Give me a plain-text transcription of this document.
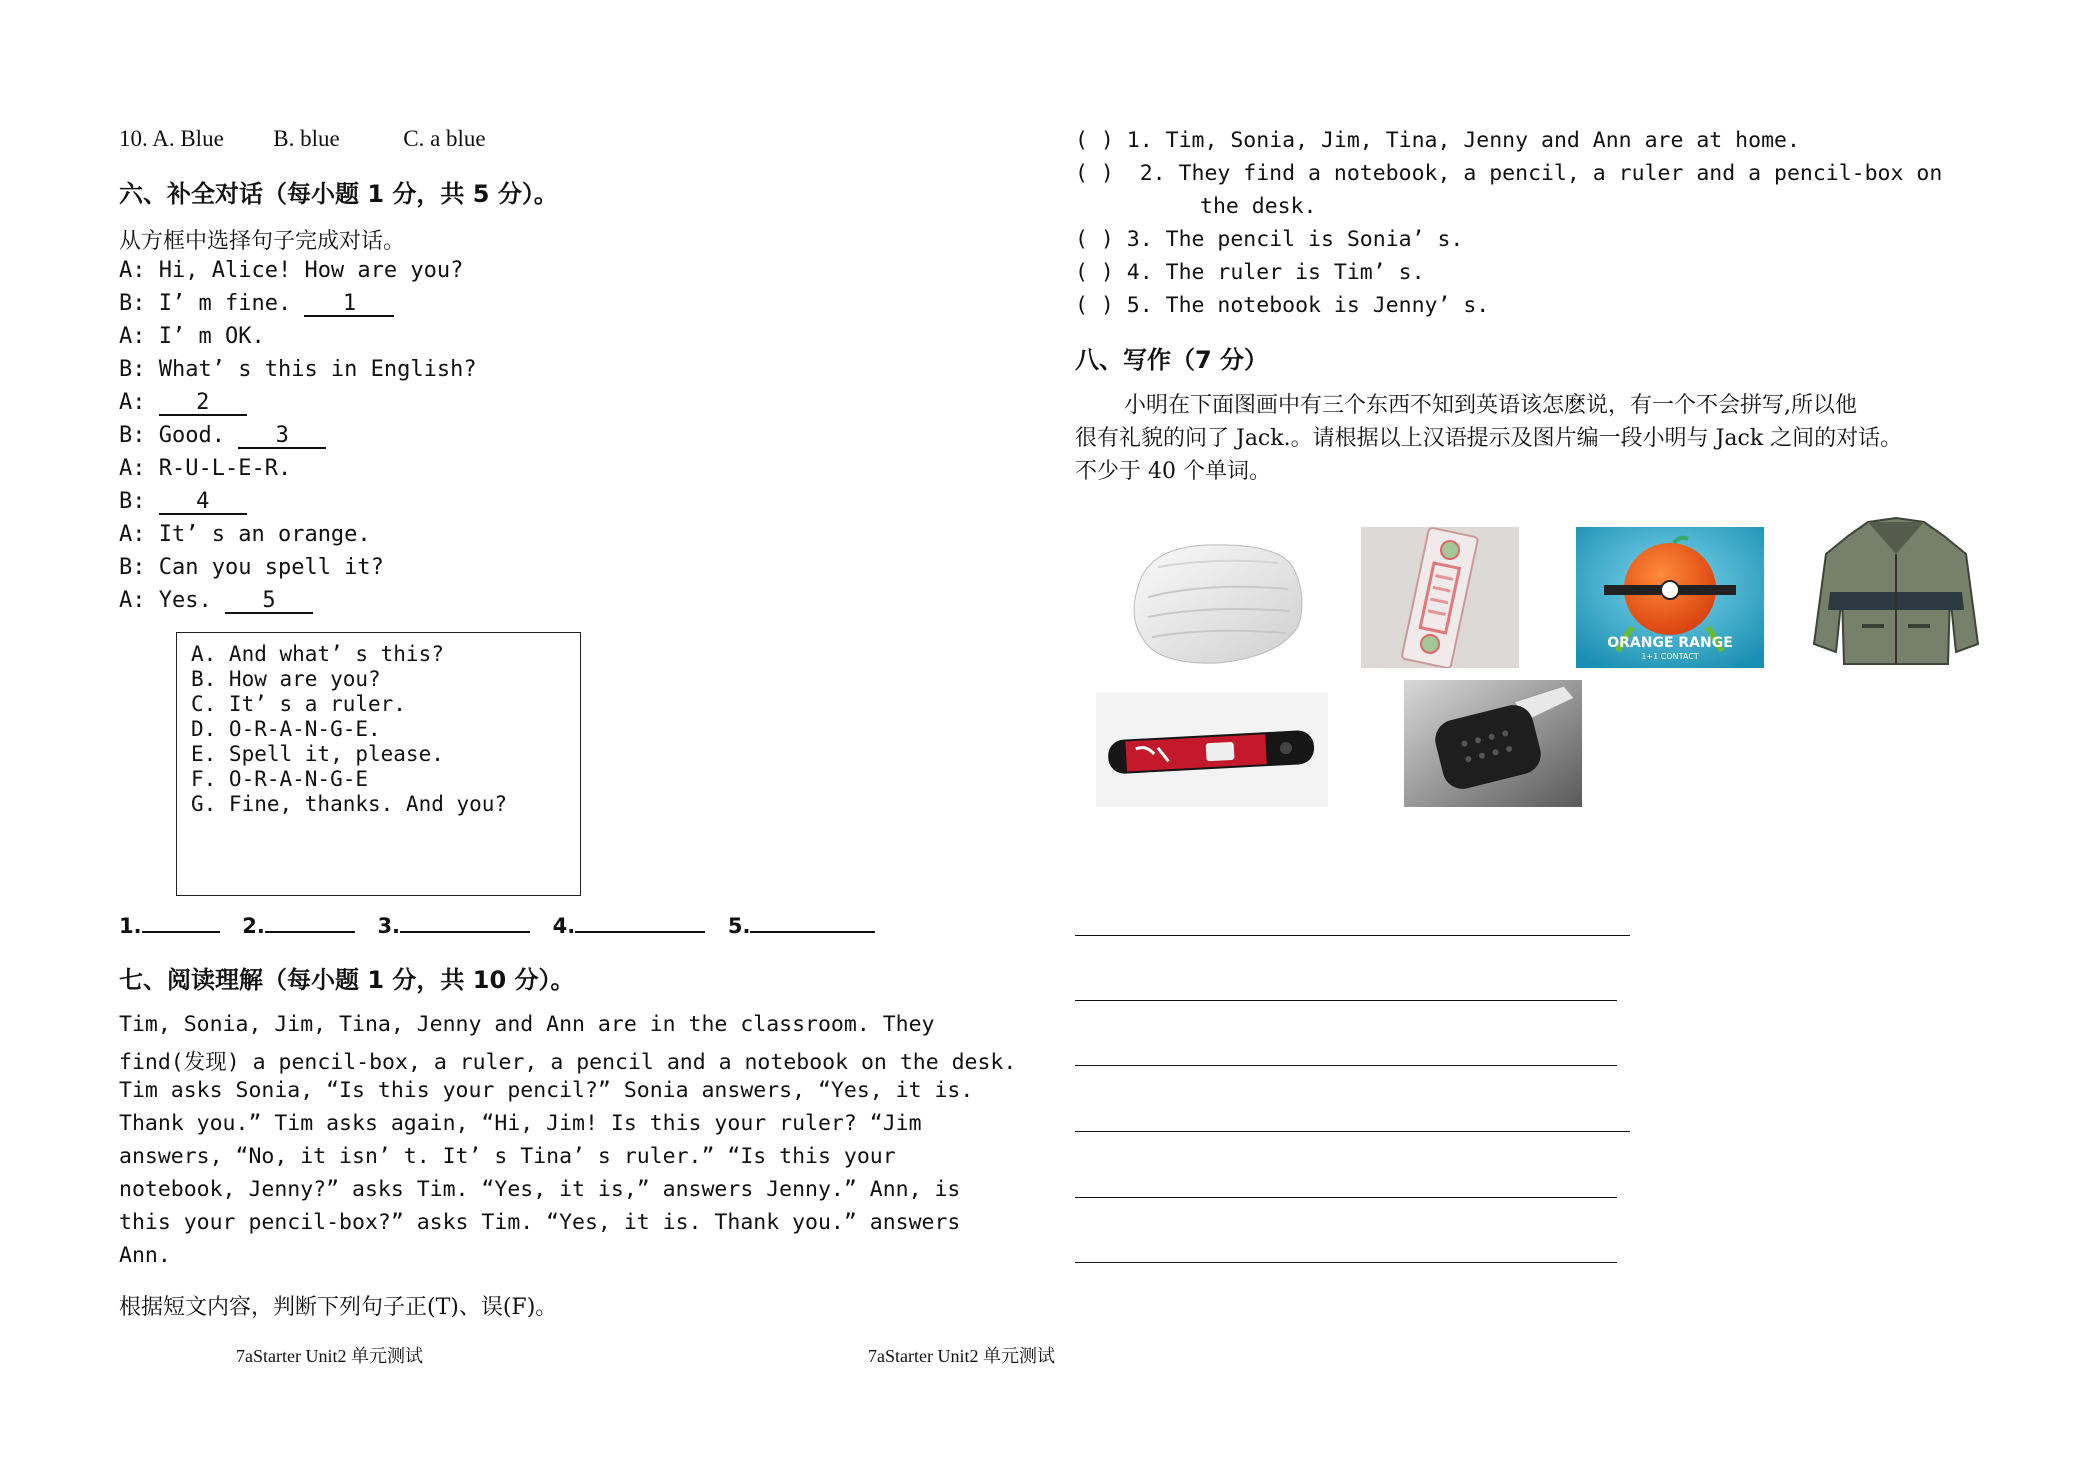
10. A. Blue B. blue	C. a blue
六、补全对话（每小题 1 分，共 5 分）。
从方框中选择句子完成对话。
A: Hi, Alice! How are you?
B: I’ m fine. 1
A: I’ m OK.
B: What’ s this in English?
A: 2
B: Good. 3
A: R-U-L-E-R.
B: 4
A: It’ s an orange.
B: Can you spell it?
A: Yes. 5
A. And what’ s this?
B. How are you?
C. It’ s a ruler.
D. O-R-A-N-G-E.
E. Spell it, please.
F. O-R-A-N-G-E
G. Fine, thanks. And you?
1.	2.	3.	4.	5.
七、阅读理解（每小题 1 分，共 10 分）。
Tim, Sonia, Jim, Tina, Jenny and Ann are in the classroom. They
find(发现) a pencil-box, a ruler, a pencil and a notebook on the desk.
Tim asks Sonia, “Is this your pencil?” Sonia answers, “Yes, it is.
Thank you.” Tim asks again, “Hi, Jim! Is this your ruler? “Jim
answers, “No, it isn’ t. It’ s Tina’ s ruler.” “Is this your
notebook, Jenny?” asks Tim. “Yes, it is,” answers Jenny.” Ann, is
this your pencil-box?” asks Tim. “Yes, it is. Thank you.” answers
Ann.
根据短文内容，判断下列句子正(T)、误(F)。
7aStarter Unit2 单元测试
( ) 1. Tim, Sonia, Jim, Tina, Jenny and Ann are at home.
( ) 2. They find a notebook, a pencil, a ruler and a pencil-box on
the desk.
( ) 3. The pencil is Sonia’ s.
( ) 4. The ruler is Tim’ s.
( ) 5. The notebook is Jenny’ s.
八、写作（7 分）
小明在下面图画中有三个东西不知到英语该怎麽说，有一个不会拼写,所以他
很有礼貌的问了 Jack.。请根据以上汉语提示及图片编一段小明与 Jack 之间的对话。
不少于 40 个单词。
ORANGE RANGE
1+1 CONTACT
7aStarter Unit2 单元测试
